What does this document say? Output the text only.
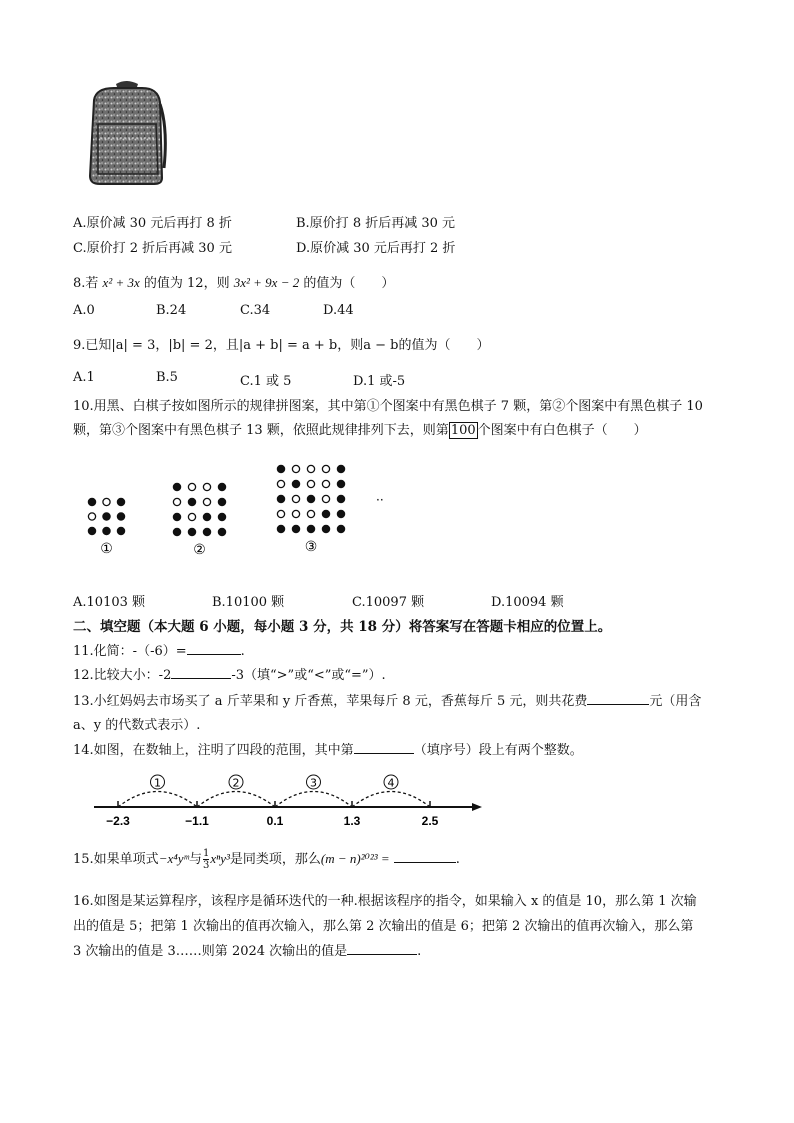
A.原价减 30 元后再打 8 折	B.原价打 8 折后再减 30 元
C.原价打 2 折后再减 30 元	D.原价减 30 元后再打 2 折
8.若 x² + 3x 的值为 12，则 3x² + 9x − 2 的值为（　　）
A.0	B.24	C.34	D.44
9.已知|a| = 3，|b| = 2，且|a + b| = a + b，则a − b的值为（　　）
A.1	B.5	C.1 或 5	D.1 或-5
10.用黑、白棋子按如图所示的规律拼图案，其中第①个图案中有黑色棋子 7 颗，第②个图案中有黑色棋子 10
颗，第③个图案中有黑色棋子 13 颗，依照此规律排列下去，则第 100 个图案中有白色棋子（　　）
①	②	③
··
A.10103 颗	B.10100 颗	C.10097 颗	D.10094 颗
二、填空题（本大题 6 小题，每小题 3 分，共 18 分）将答案写在答题卡相应的位置上。
11.化简：-（-6）=	.
12.比较大小：-2	-3（填“>”或“<”或“=”）.
13.小红妈妈去市场买了 a 斤苹果和 y 斤香蕉，苹果每斤 8 元，香蕉每斤 5 元，则共花费	元（用含
a、y 的代数式表示）.
14.如图，在数轴上，注明了四段的范围，其中第	（填序号）段上有两个整数。
1	2	3	4
−2.3	−1.1	0.1	1.3	2.5
15.如果单项式−x⁴yᵐ与 $\frac{1}{3} x^ny^3$是同类项，那么(m − n)²⁰²³ =	.
16.如图是某运算程序，该程序是循环迭代的一种.根据该程序的指令，如果输入 x 的值是 10，那么第 1 次输
出的值是 5；把第 1 次输出的值再次输入，那么第 2 次输出的值是 6；把第 2 次输出的值再次输入，那么第
3 次输出的值是 3……则第 2024 次输出的值是	.
